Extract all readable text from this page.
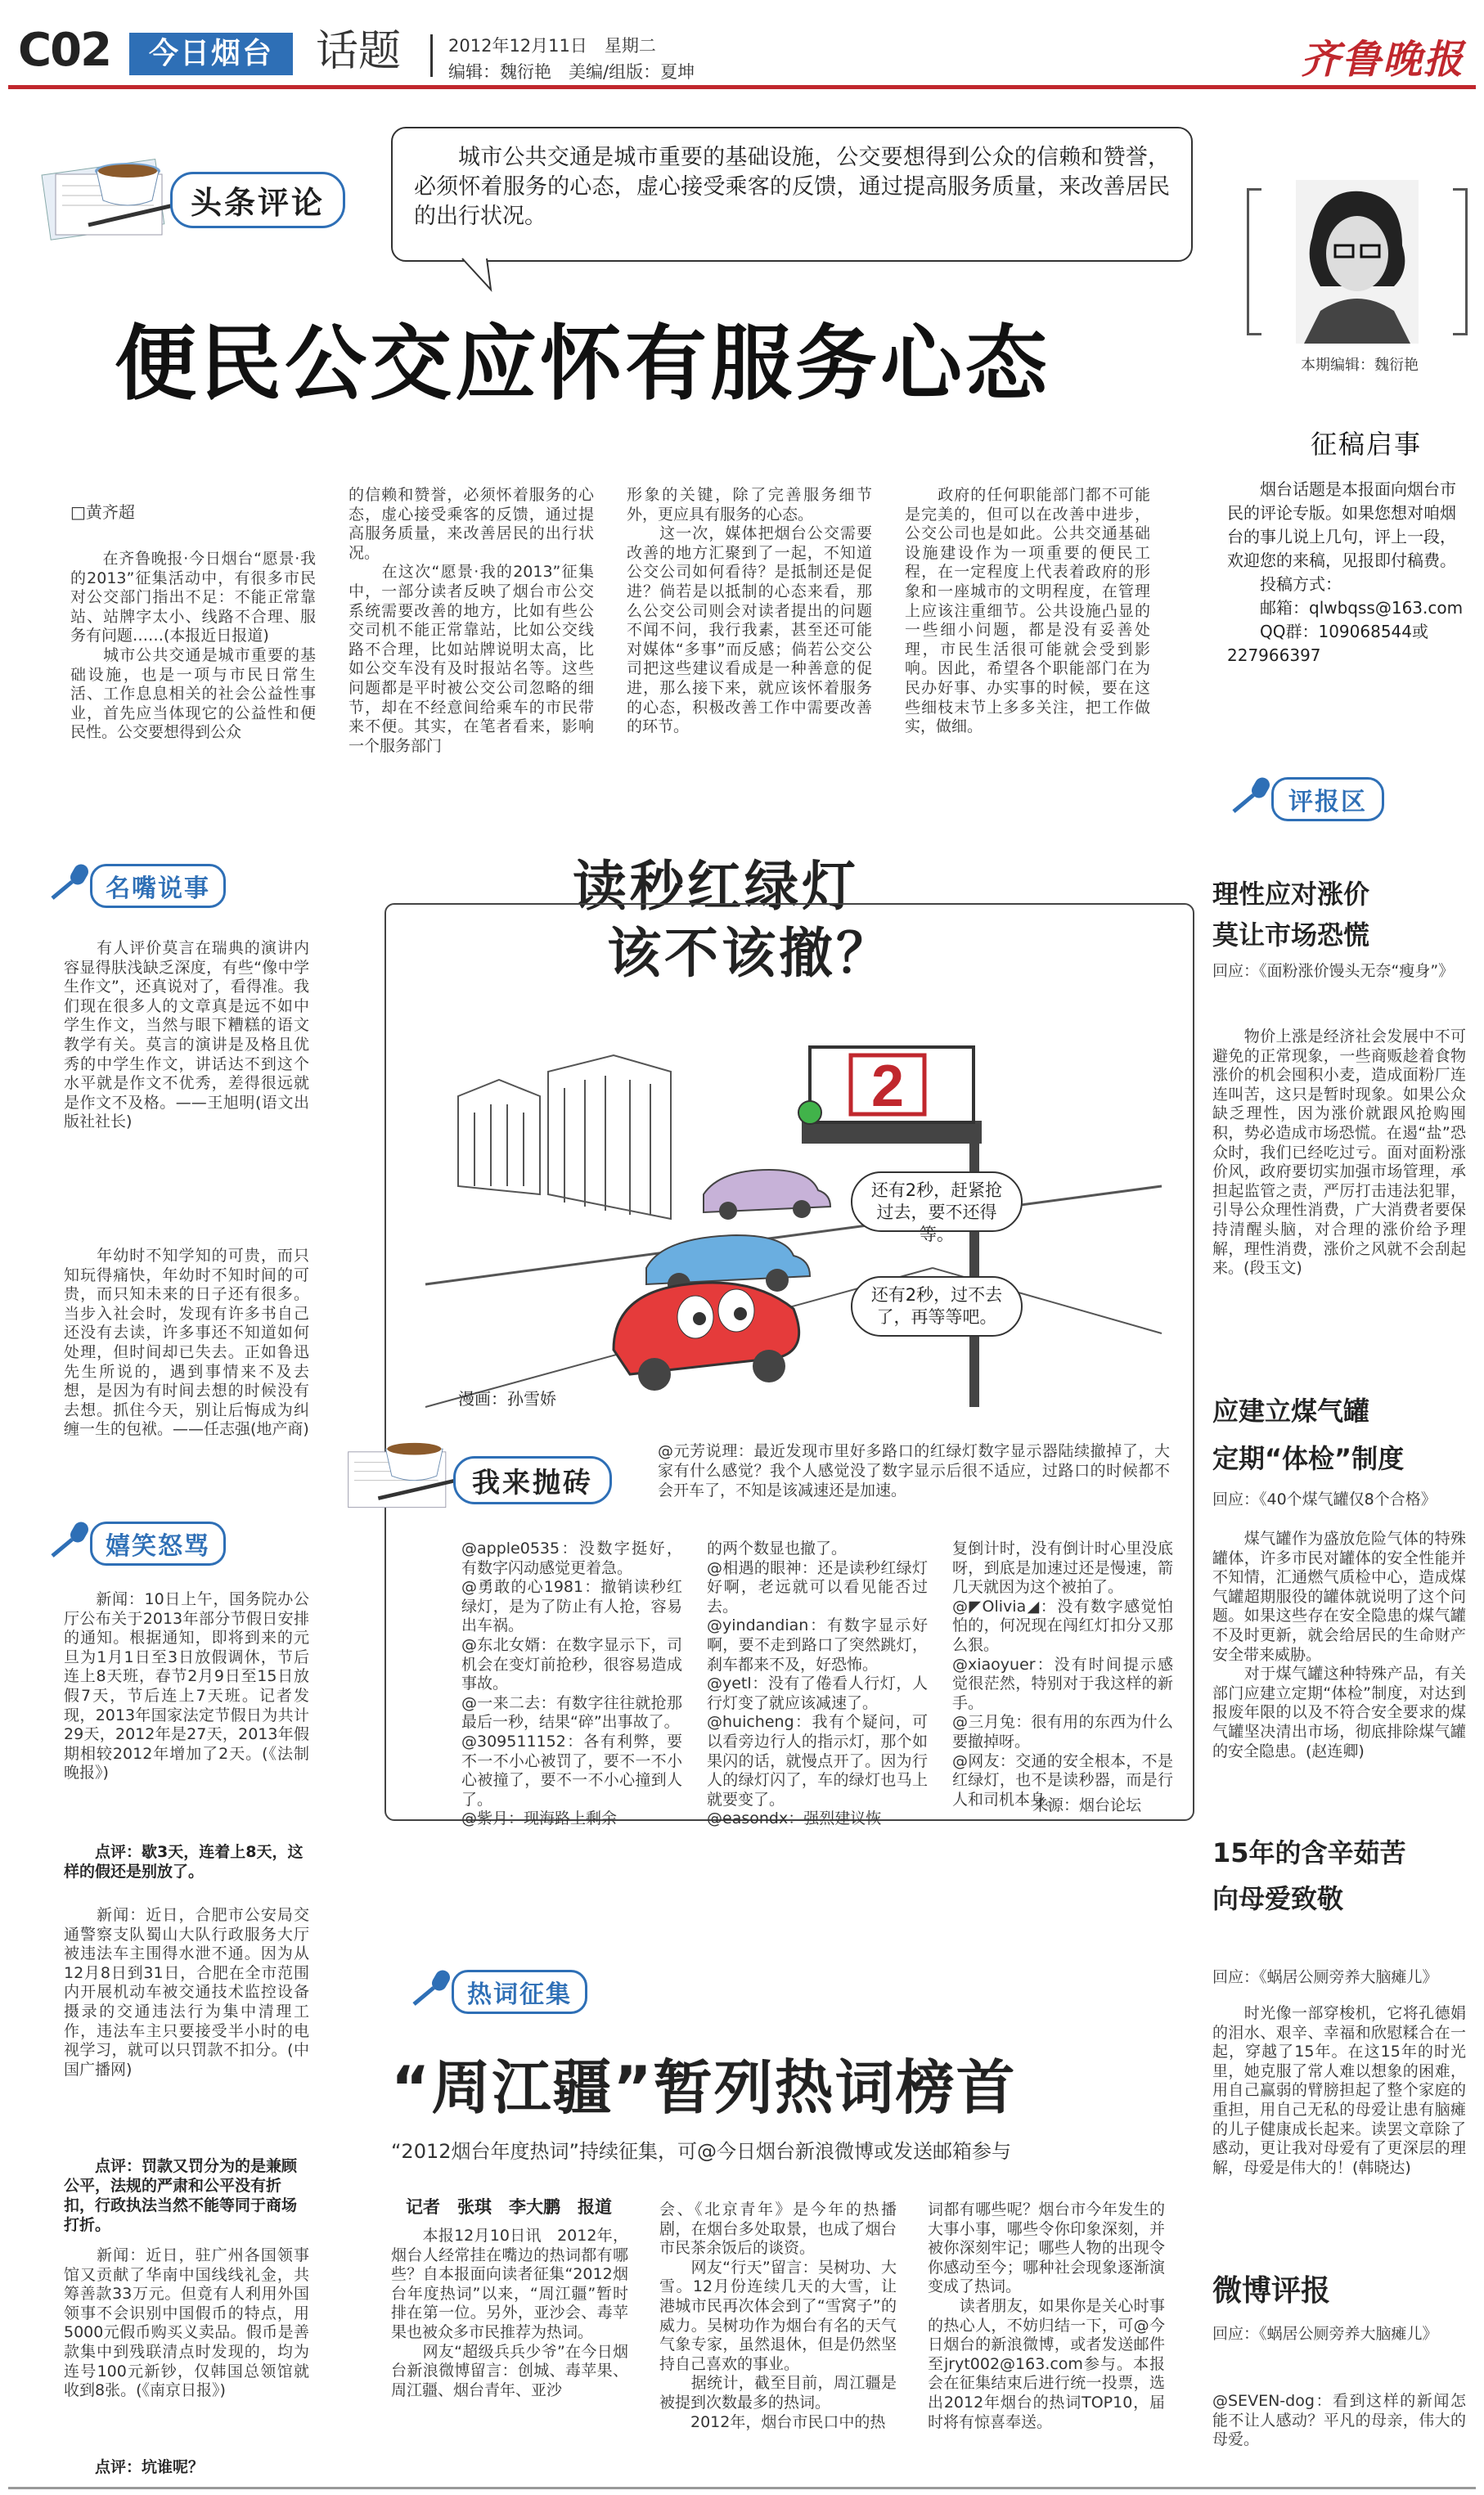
C02	今日烟台	话题	2012年12月11日　星期二
编辑：魏衍艳　美编/组版：夏坤	齐鲁晚报
头条评论
城市公共交通是城市重要的基础设施，公交要想得到公众的信赖和赞誉，必须怀着服务的心态，虚心接受乘客的反馈，通过提高服务质量，来改善居民的出行状况。
便民公交应怀有服务心态
□黄齐超
　　在齐鲁晚报·今日烟台“愿景·我的2013”征集活动中，有很多市民对公交部门指出不足：不能正常靠站、站牌字太小、线路不合理、服务有问题……(本报近日报道)
　　城市公共交通是城市重要的基础设施，也是一项与市民日常生活、工作息息相关的社会公益性事业，首先应当体现它的公益性和便民性。公交要想得到公众
的信赖和赞誉，必须怀着服务的心态，虚心接受乘客的反馈，通过提高服务质量，来改善居民的出行状况。
　　在这次“愿景·我的2013”征集中，一部分读者反映了烟台市公交系统需要改善的地方，比如有些公交司机不能正常靠站，比如公交线路不合理，比如站牌说明太高，比如公交车没有及时报站名等。这些问题都是平时被公交公司忽略的细节，却在不经意间给乘车的市民带来不便。其实，在笔者看来，影响一个服务部门
形象的关键，除了完善服务细节外，更应具有服务的心态。
　　这一次，媒体把烟台公交需要改善的地方汇聚到了一起，不知道公交公司如何看待？是抵制还是促进？倘若是以抵制的心态来看，那么公交公司则会对读者提出的问题不闻不问，我行我素，甚至还可能对媒体“多事”而反感；倘若公交公司把这些建议看成是一种善意的促进，那么接下来，就应该怀着服务的心态，积极改善工作中需要改善的环节。
　　政府的任何职能部门都不可能是完美的，但可以在改善中进步，公交公司也是如此。公共交通基础设施建设作为一项重要的便民工程，在一定程度上代表着政府的形象和一座城市的文明程度，在管理上应该注重细节。公共设施凸显的一些细小问题，都是没有妥善处理，市民生活很可能就会受到影响。因此，希望各个职能部门在为民办好事、办实事的时候，要在这些细枝末节上多多关注，把工作做实，做细。
本期编辑：魏衍艳
征稿启事
　　烟台话题是本报面向烟台市民的评论专版。如果您想对咱烟台的事儿说上几句，评上一段，欢迎您的来稿，见报即付稿费。
　　投稿方式：
　　邮箱：qlwbqss@163.com
　　QQ群：109068544或227966397
评报区
理性应对涨价
莫让市场恐慌
回应：《面粉涨价馒头无奈“瘦身”》
　　物价上涨是经济社会发展中不可避免的正常现象，一些商贩趁着食物涨价的机会囤积小麦，造成面粉厂连连叫苦，这只是暂时现象。如果公众缺乏理性，因为涨价就跟风抢购囤积，势必造成市场恐慌。在遏“盐”恐众时，我们已经吃过亏。面对面粉涨价风，政府要切实加强市场管理，承担起监管之责，严厉打击违法犯罪，引导公众理性消费，广大消费者要保持清醒头脑，对合理的涨价给予理解，理性消费，涨价之风就不会刮起来。(段玉文)
应建立煤气罐
定期“体检”制度
回应：《40个煤气罐仅8个合格》
　　煤气罐作为盛放危险气体的特殊罐体，许多市民对罐体的安全性能并不知情，汇通燃气质检中心，造成煤气罐超期服役的罐体就说明了这个问题。如果这些存在安全隐患的煤气罐不及时更新，就会给居民的生命财产安全带来威胁。
　　对于煤气罐这种特殊产品，有关部门应建立定期“体检”制度，对达到报废年限的以及不符合安全要求的煤气罐坚决清出市场，彻底排除煤气罐的安全隐患。(赵连卿)
15年的含辛茹苦
向母爱致敬
回应：《蜗居公厕旁养大脑瘫儿》
　　时光像一部穿梭机，它将孔德娟的泪水、艰辛、幸福和欣慰糅合在一起，穿越了15年。在这15年的时光里，她克服了常人难以想象的困难，用自己赢弱的臂膀担起了整个家庭的重担，用自己无私的母爱让患有脑瘫的儿子健康成长起来。读罢文章除了感动，更让我对母爱有了更深层的理解，母爱是伟大的！(韩晓达)
微博评报
回应：《蜗居公厕旁养大脑瘫儿》
@SEVEN-dog：看到这样的新闻怎能不让人感动？平凡的母亲，伟大的母爱。
名嘴说事
　　有人评价莫言在瑞典的演讲内容显得肤浅缺乏深度，有些“像中学生作文”，还真说对了，看得准。我们现在很多人的文章真是远不如中学生作文，当然与眼下糟糕的语文教学有关。莫言的演讲是及格且优秀的中学生作文，讲话达不到这个水平就是作文不优秀，差得很远就是作文不及格。——王旭明(语文出版社社长)
　　年幼时不知学知的可贵，而只知玩得痛快，年幼时不知时间的可贵，而只知未来的日子还有很多。当步入社会时，发现有许多书自己还没有去读，许多事还不知道如何处理，但时间却已失去。正如鲁迅先生所说的，遇到事情来不及去想，是因为有时间去想的时候没有去想。抓住今天，别让后悔成为纠缠一生的包袱。——任志强(地产商)
嬉笑怒骂
　　新闻：10日上午，国务院办公厅公布关于2013年部分节假日安排的通知。根据通知，即将到来的元旦为1月1日至3日放假调休，节后连上8天班，春节2月9日至15日放假7天，节后连上7天班。记者发现，2013年国家法定节假日为共计29天，2012年是27天，2013年假期相较2012年增加了2天。(《法制晚报》)
　　点评：歇3天，连着上8天，这样的假还是别放了。
　　新闻：近日，合肥市公安局交通警察支队蜀山大队行政服务大厅被违法车主围得水泄不通。因为从12月8日到31日，合肥在全市范围内开展机动车被交通技术监控设备摄录的交通违法行为集中清理工作，违法车主只要接受半小时的电视学习，就可以只罚款不扣分。(中国广播网)
　　点评：罚款又罚分为的是兼顾公平，法规的严肃和公平没有折扣，行政执法当然不能等同于商场打折。
　　新闻：近日，驻广州各国领事馆又贡献了华南中国线线礼金，共筹善款33万元。但竟有人利用外国领事不会识别中国假币的特点，用5000元假币购买义卖品。假币是善款集中到残联清点时发现的，均为连号100元新钞，仅韩国总领馆就收到8张。(《南京日报》)
　　点评：坑谁呢？
读秒红绿灯
该不该撤？
2
还有2秒，赶紧抢过去，要不还得等。
还有2秒，过不去了，再等等吧。
漫画：孙雪娇
我来抛砖
@元芳说理：最近发现市里好多路口的红绿灯数字显示器陆续撤掉了，大家有什么感觉？我个人感觉没了数字显示后很不适应，过路口的时候都不会开车了，不知是该减速还是加速。
@apple0535：没数字挺好，有数字闪动感觉更着急。
@勇敢的心1981：撤销读秒红绿灯，是为了防止有人抢，容易出车祸。
@东北女婿：在数字显示下，司机会在变灯前抢秒，很容易造成事故。
@一来二去：有数字往往就抢那最后一秒，结果“碎”出事故了。
@309511152：各有利弊，要不一不小心被罚了，要不一不小心被撞了，要不一不小心撞到人了。
@紫月：现海路上剩余
的两个数显也撤了。
@相遇的眼神：还是读秒红绿灯好啊，老远就可以看见能否过去。
@yindandian：有数字显示好啊，要不走到路口了突然跳灯，刹车都来不及，好恐怖。
@yetl：没有了倦看人行灯，人行灯变了就应该减速了。
@huicheng：我有个疑问，可以看旁边行人的指示灯，那个如果闪的话，就慢点开了。因为行人的绿灯闪了，车的绿灯也马上就要变了。
@easondx：强烈建议恢
复倒计时，没有倒计时心里没底呀，到底是加速过还是慢速，箭几天就因为这个被拍了。
@◤Olivia◢：没有数字感觉怕怕的，何况现在闯红灯扣分又那么狠。
@xiaoyuer：没有时间提示感觉很茫然，特别对于我这样的新手。
@三月兔：很有用的东西为什么要撤掉呀。
@网友：交通的安全根本，不是红绿灯，也不是读秒器，而是行人和司机本身。
来源：烟台论坛
热词征集
“周江疆”暂列热词榜首
“2012烟台年度热词”持续征集，可@今日烟台新浪微博或发送邮箱参与
记者　张琪　李大鹏　报道
　　本报12月10日讯　2012年，烟台人经常挂在嘴边的热词都有哪些？自本报面向读者征集“2012烟台年度热词”以来，“周江疆”暂时排在第一位。另外，亚沙会、毒苹果也被众多市民推荐为热词。
　　网友“超级兵兵少爷”在今日烟台新浪微博留言：创城、毒苹果、周江疆、烟台青年、亚沙
会、《北京青年》是今年的热播剧，在烟台多处取景，也成了烟台市民茶余饭后的谈资。
　　网友“行天”留言：吴树功、大雪。12月份连续几天的大雪，让港城市民再次体会到了“雪窝子”的威力。吴树功作为烟台有名的天气气象专家，虽然退休，但是仍然坚持自己喜欢的事业。
　　据统计，截至目前，周江疆是被提到次数最多的热词。
　　2012年，烟台市民口中的热
词都有哪些呢？烟台市今年发生的大事小事，哪些令你印象深刻，并被你深刻牢记；哪些人物的出现令你感动至今；哪种社会现象逐渐演变成了热词。
　　读者朋友，如果你是关心时事的热心人，不妨归结一下，可@今日烟台的新浪微博，或者发送邮件至jryt002@163.com参与。本报会在征集结束后进行统一投票，选出2012年烟台的热词TOP10，届时将有惊喜奉送。
